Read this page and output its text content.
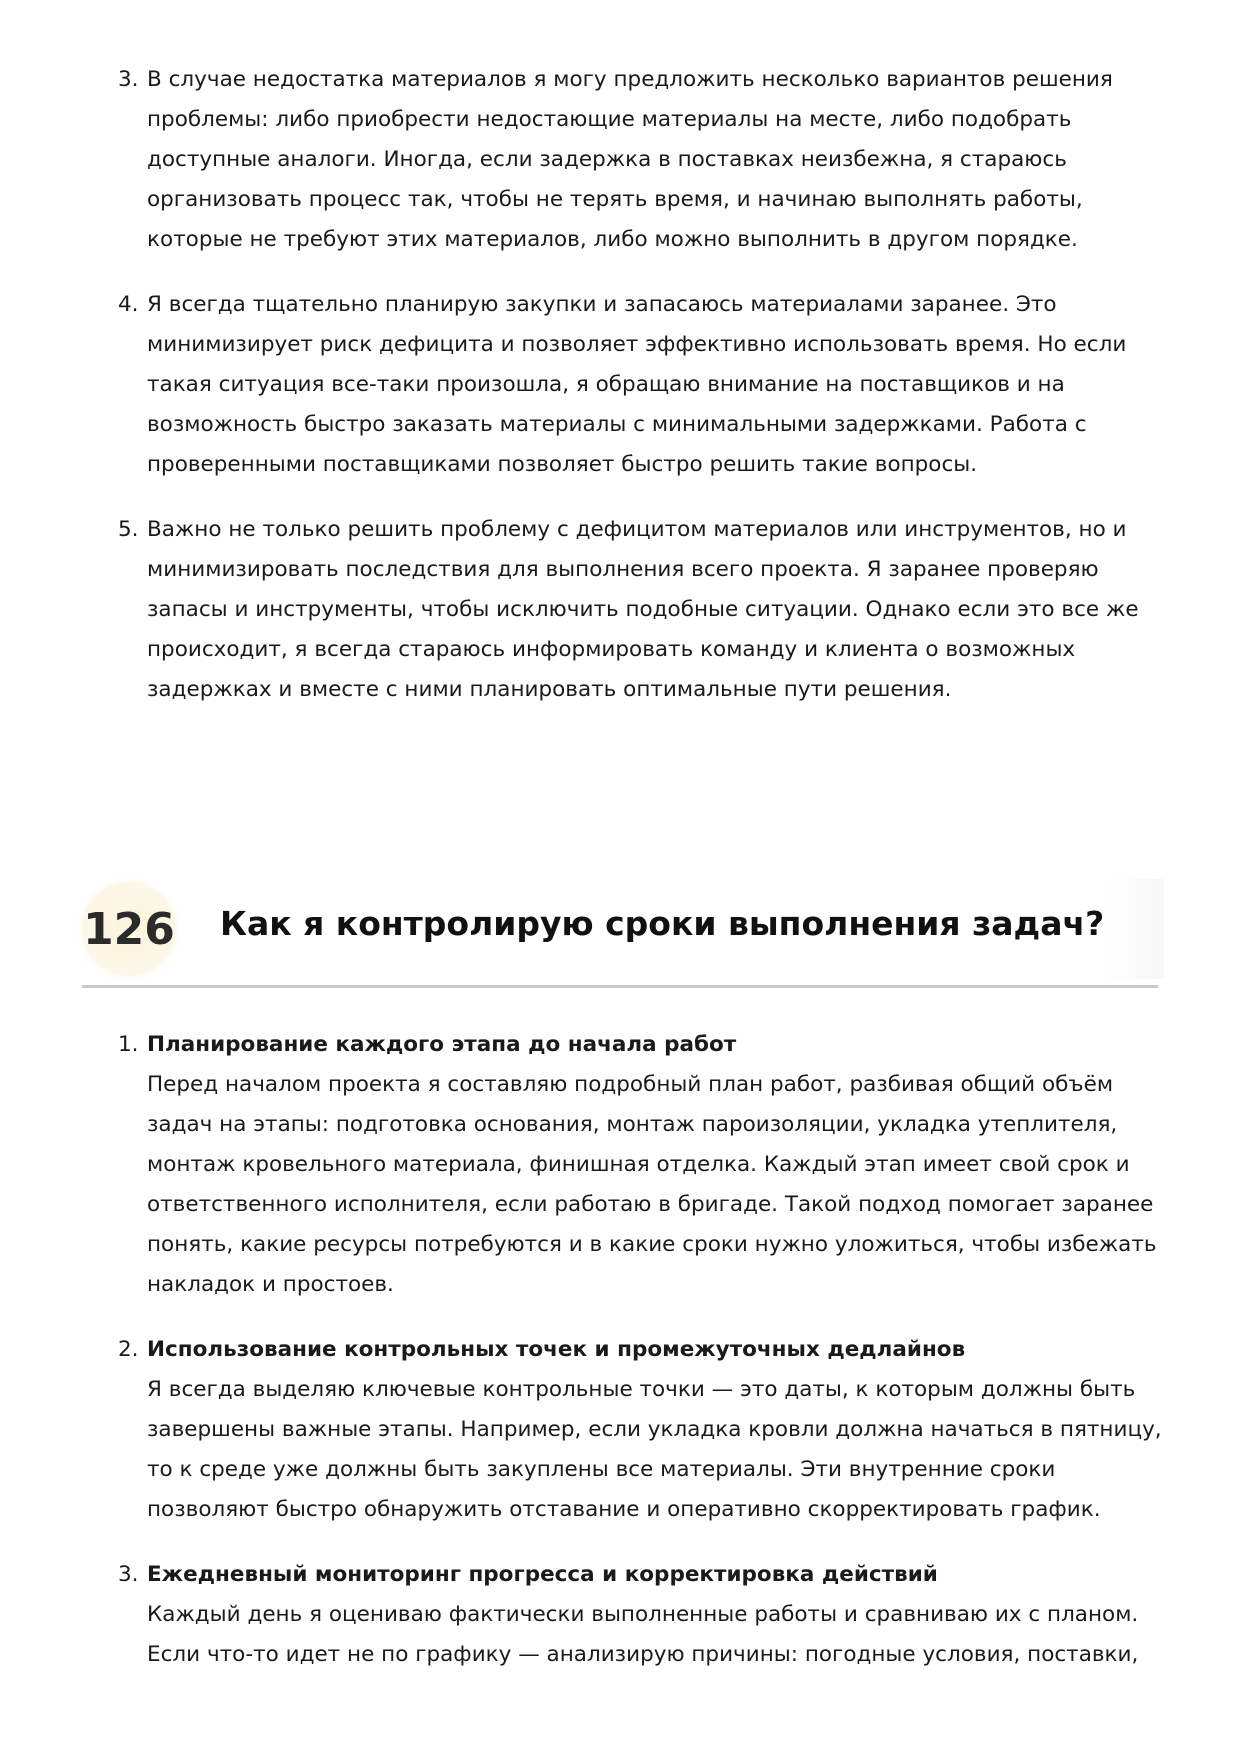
3. В случае недостатка материалов я могу предложить несколько вариантов решения проблемы: либо приобрести недостающие материалы на месте, либо подобрать доступные аналоги. Иногда, если задержка в поставках неизбежна, я стараюсь организовать процесс так, чтобы не терять время, и начинаю выполнять работы, которые не требуют этих материалов, либо можно выполнить в другом порядке.
4. Я всегда тщательно планирую закупки и запасаюсь материалами заранее. Это минимизирует риск дефицита и позволяет эффективно использовать время. Но если такая ситуация все-таки произошла, я обращаю внимание на поставщиков и на возможность быстро заказать материалы с минимальными задержками. Работа с проверенными поставщиками позволяет быстро решить такие вопросы.
5. Важно не только решить проблему с дефицитом материалов или инструментов, но и минимизировать последствия для выполнения всего проекта. Я заранее проверяю запасы и инструменты, чтобы исключить подобные ситуации. Однако если это все же происходит, я всегда стараюсь информировать команду и клиента о возможных задержках и вместе с ними планировать оптимальные пути решения.
126 Как я контролирую сроки выполнения задач?
1. Планирование каждого этапа до начала работ
Перед началом проекта я составляю подробный план работ, разбивая общий объём задач на этапы: подготовка основания, монтаж пароизоляции, укладка утеплителя, монтаж кровельного материала, финишная отделка. Каждый этап имеет свой срок и ответственного исполнителя, если работаю в бригаде. Такой подход помогает заранее понять, какие ресурсы потребуются и в какие сроки нужно уложиться, чтобы избежать накладок и простоев.
2. Использование контрольных точек и промежуточных дедлайнов
Я всегда выделяю ключевые контрольные точки — это даты, к которым должны быть завершены важные этапы. Например, если укладка кровли должна начаться в пятницу, то к среде уже должны быть закуплены все материалы. Эти внутренние сроки позволяют быстро обнаружить отставание и оперативно скорректировать график.
3. Ежедневный мониторинг прогресса и корректировка действий
Каждый день я оцениваю фактически выполненные работы и сравниваю их с планом. Если что-то идет не по графику — анализирую причины: погодные условия, поставки,
